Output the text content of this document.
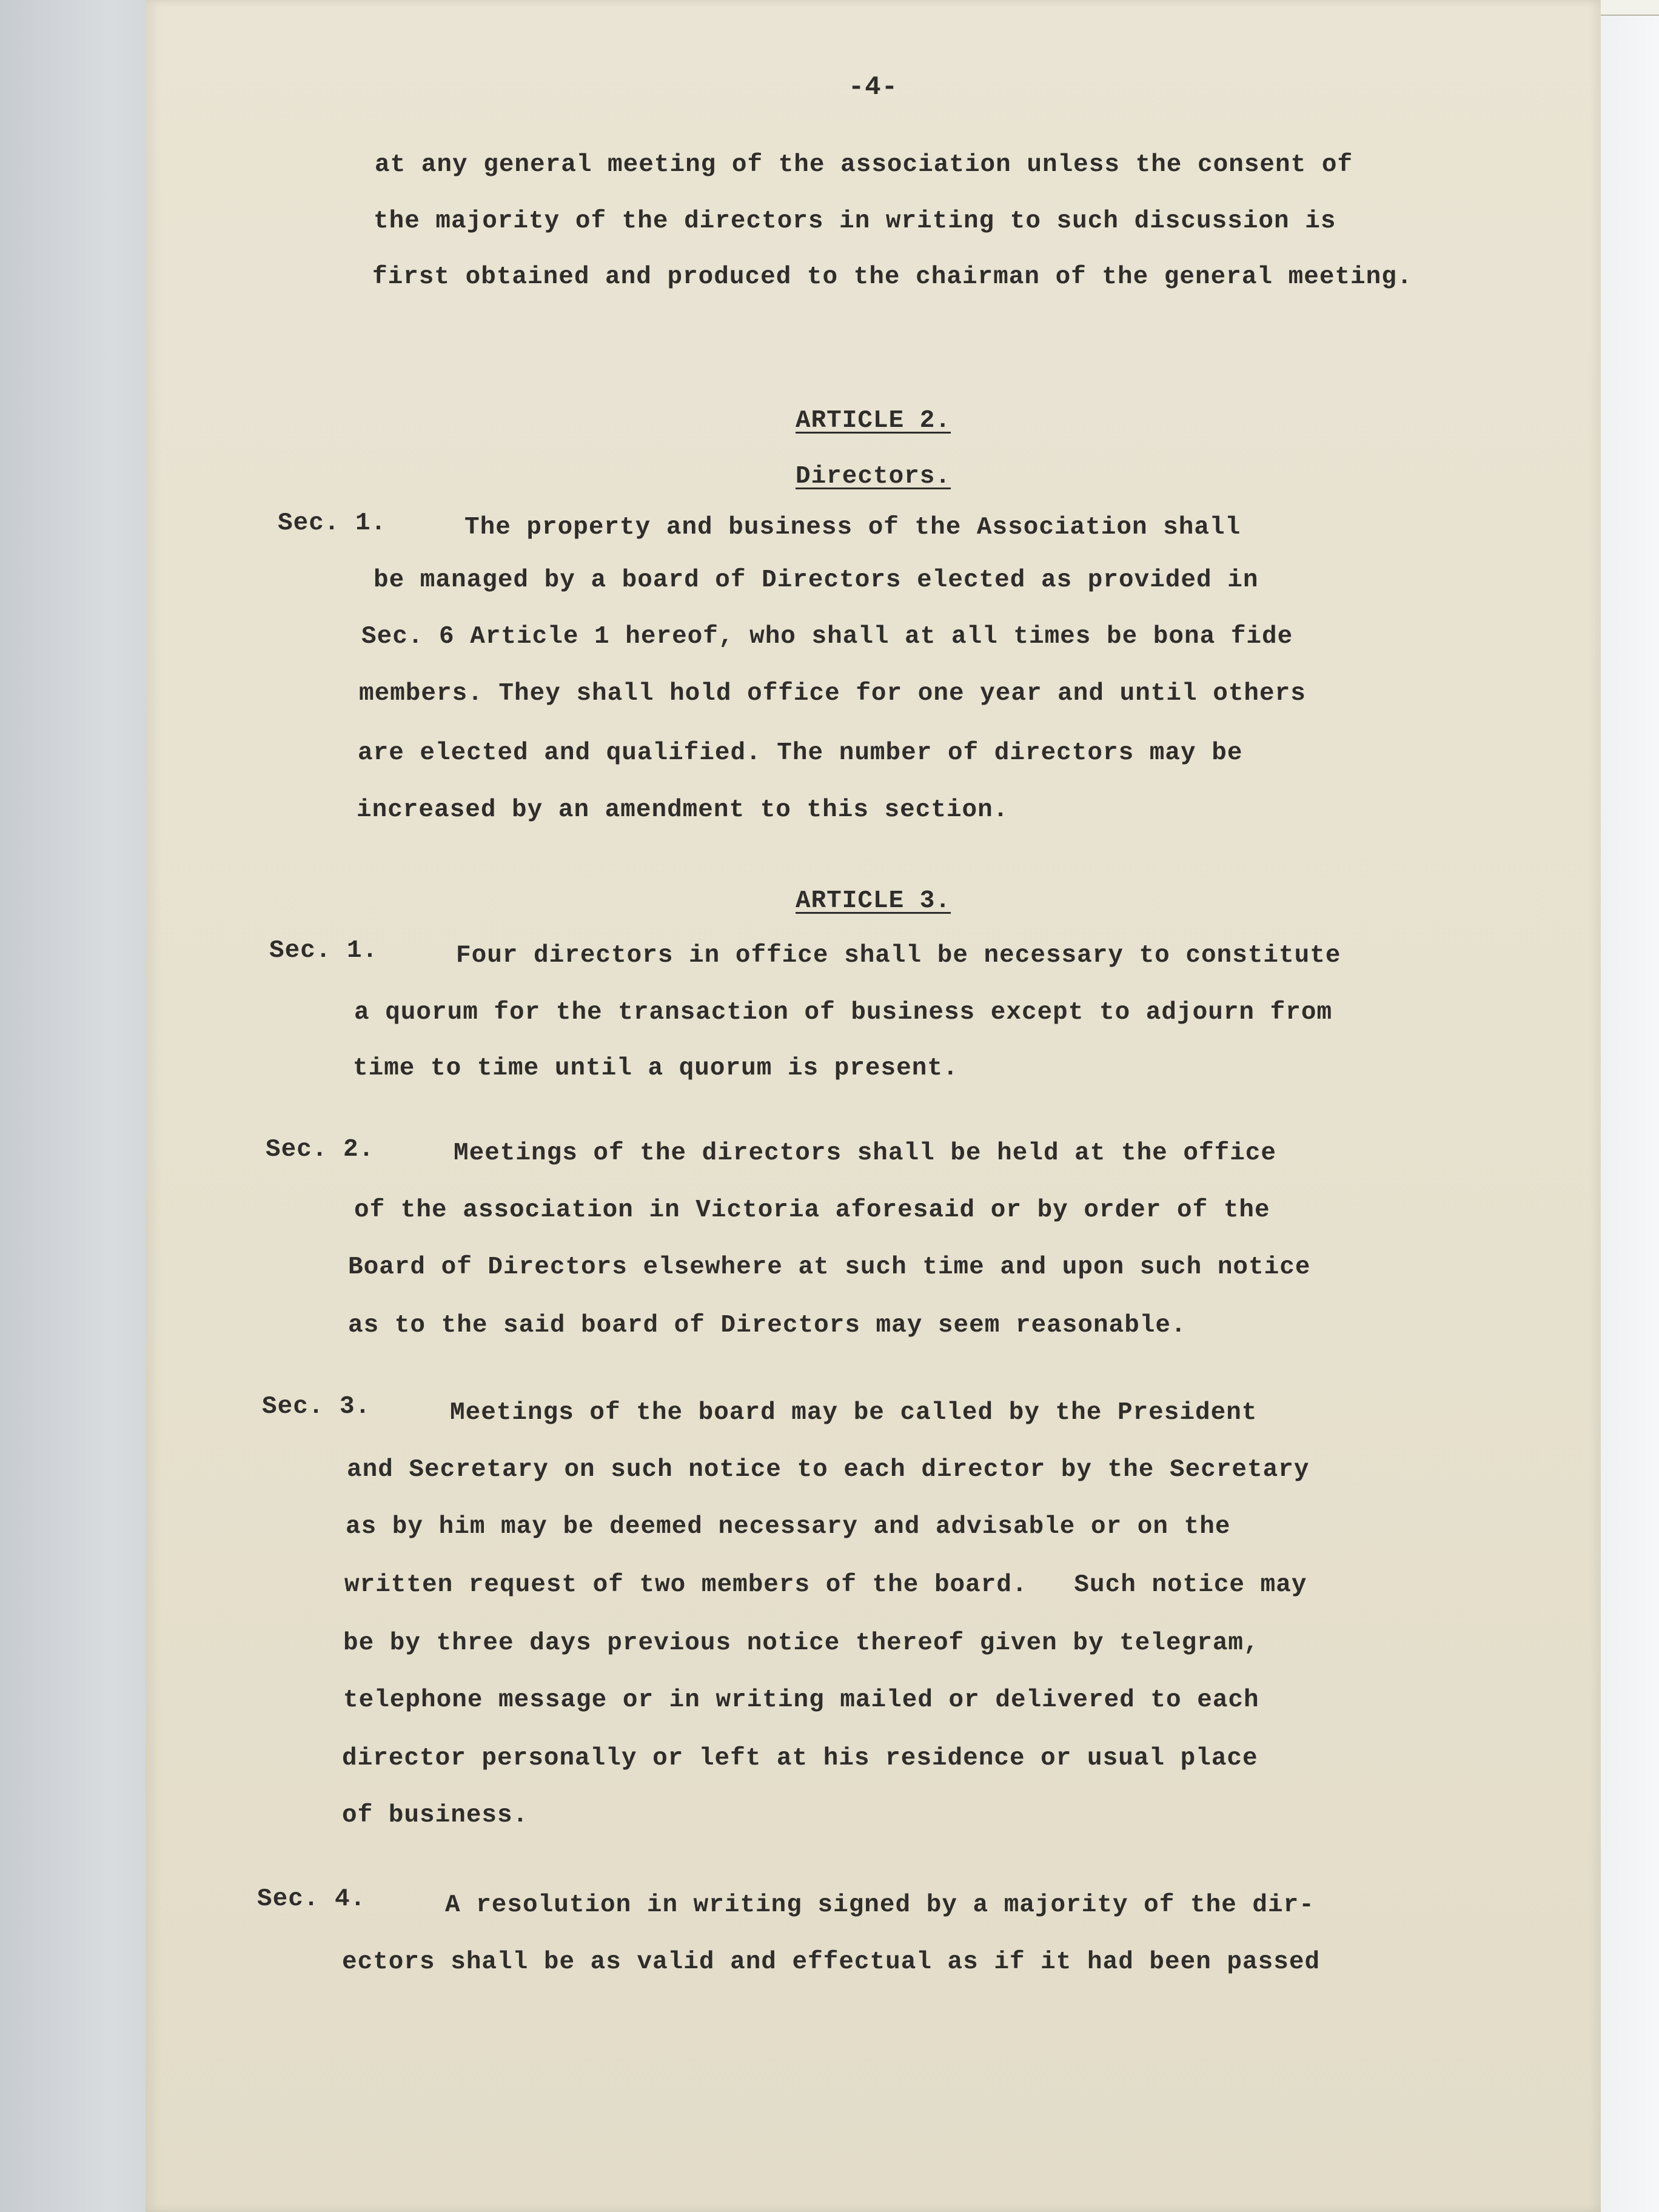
-4-
at any general meeting of the association unless the consent of
the majority of the directors in writing to such discussion is
first obtained and produced to the chairman of the general meeting.
ARTICLE 2.
Directors.
Sec. 1.	The property and business of the Association shall
be managed by a board of Directors elected as provided in
Sec. 6 Article 1 hereof, who shall at all times be bona fide
members. They shall hold office for one year and until others
are elected and qualified. The number of directors may be
increased by an amendment to this section.
ARTICLE 3.
Sec. 1.	Four directors in office shall be necessary to constitute
a quorum for the transaction of business except to adjourn from
time to time until a quorum is present.
Sec. 2.	Meetings of the directors shall be held at the office
of the association in Victoria aforesaid or by order of the
Board of Directors elsewhere at such time and upon such notice
as to the said board of Directors may seem reasonable.
Sec. 3.	Meetings of the board may be called by the President
and Secretary on such notice to each director by the Secretary
as by him may be deemed necessary and advisable or on the
written request of two members of the board.   Such notice may
be by three days previous notice thereof given by telegram,
telephone message or in writing mailed or delivered to each
director personally or left at his residence or usual place
of business.
Sec. 4.	A resolution in writing signed by a majority of the dir-
ectors shall be as valid and effectual as if it had been passed
